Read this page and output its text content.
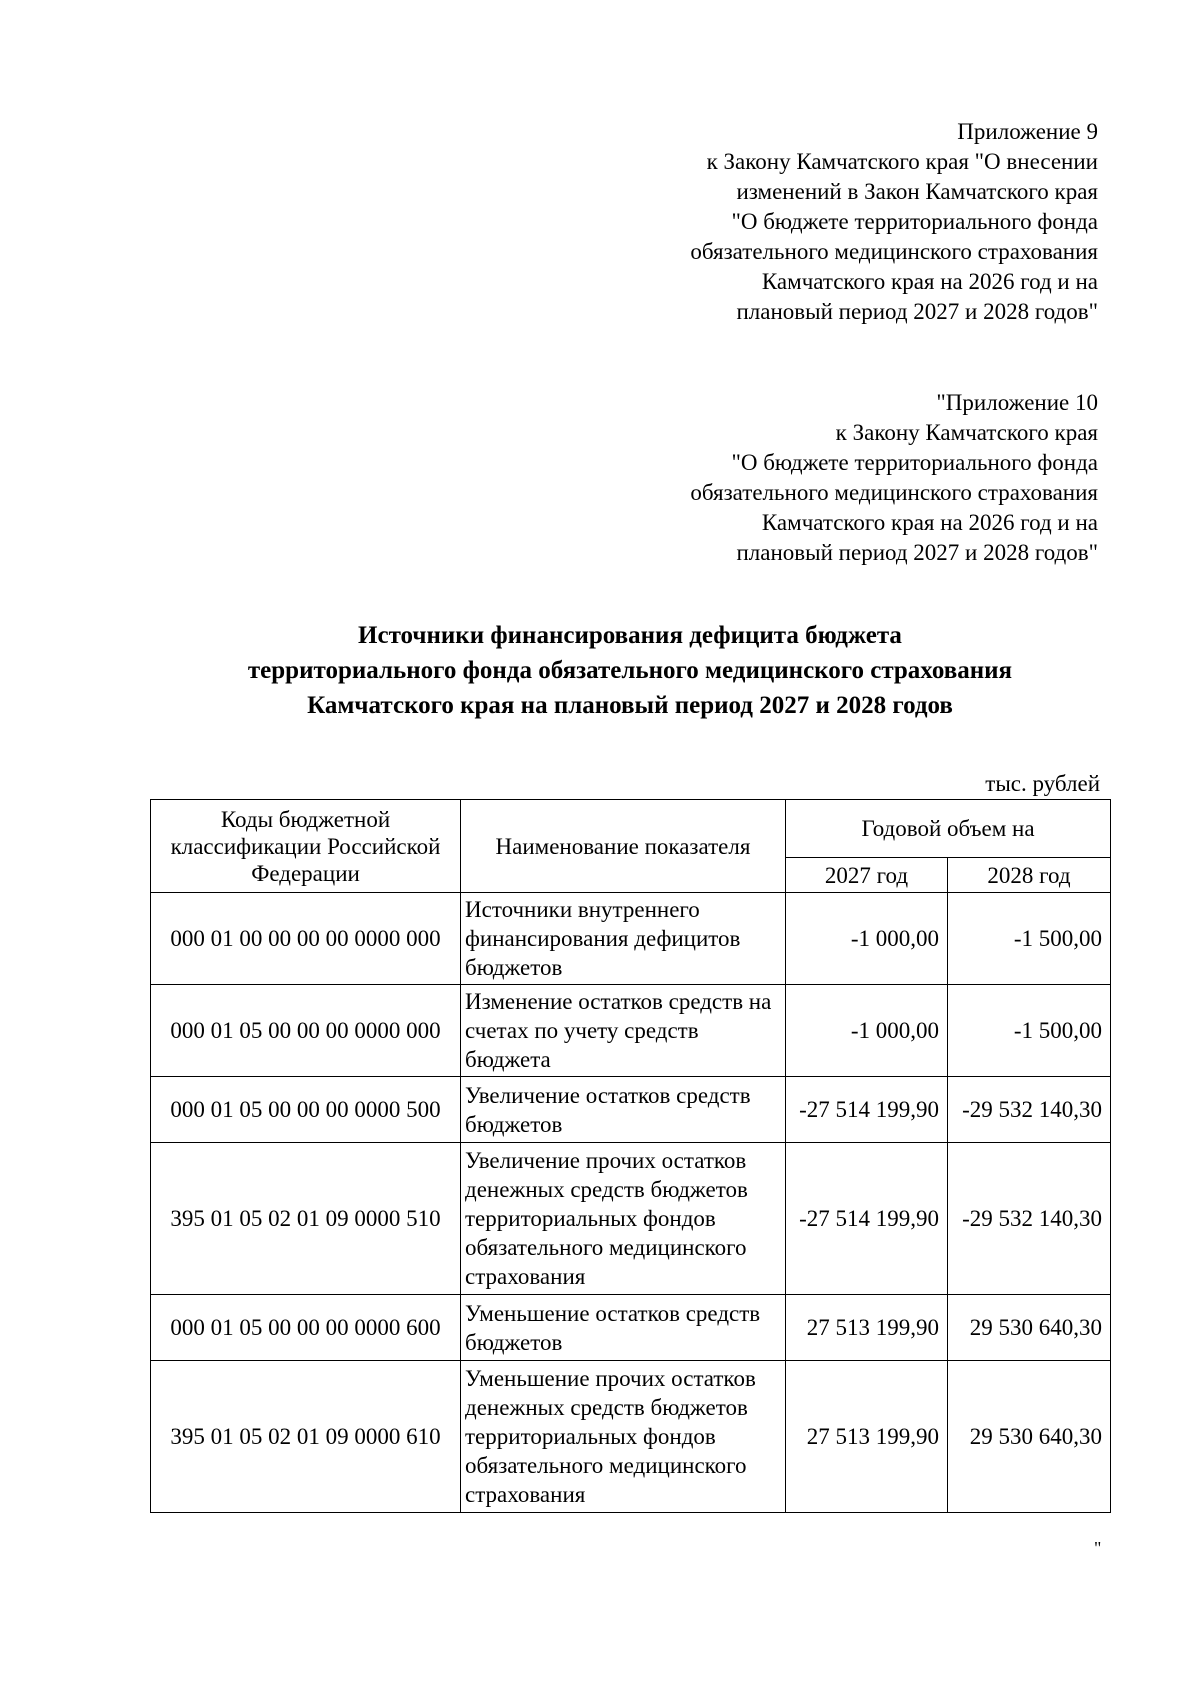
Приложение 9
к Закону Камчатского края "О внесении
изменений в Закон Камчатского края
"О бюджете территориального фонда
обязательного медицинского страхования
Камчатского края на 2026 год и на
плановый период 2027 и 2028 годов"
"Приложение 10
к Закону Камчатского края
"О бюджете территориального фонда
обязательного медицинского страхования
Камчатского края на 2026 год и на
плановый период 2027 и 2028 годов"
Источники финансирования дефицита бюджета
территориального фонда обязательного медицинского страхования
Камчатского края на плановый период 2027 и 2028 годов
тыс. рублей
Коды бюджетной классификации Российской Федерации	Наименование показателя	Годовой объем на	
		2027 год	2028 год
000 01 00 00 00 00 0000 000	Источники внутреннего финансирования дефицитов бюджетов	-1 000,00	-1 500,00
000 01 05 00 00 00 0000 000	Изменение остатков средств на счетах по учету средств бюджета	-1 000,00	-1 500,00
000 01 05 00 00 00 0000 500	Увеличение остатков средств бюджетов	-27 514 199,90	-29 532 140,30
395 01 05 02 01 09 0000 510	Увеличение прочих остатков денежных средств бюджетов территориальных фондов обязательного медицинского страхования	-27 514 199,90	-29 532 140,30
000 01 05 00 00 00 0000 600	Уменьшение остатков средств бюджетов	27 513 199,90	29 530 640,30
395 01 05 02 01 09 0000 610	Уменьшение прочих остатков денежных средств бюджетов территориальных фондов обязательного медицинского страхования	27 513 199,90	29 530 640,30
"
